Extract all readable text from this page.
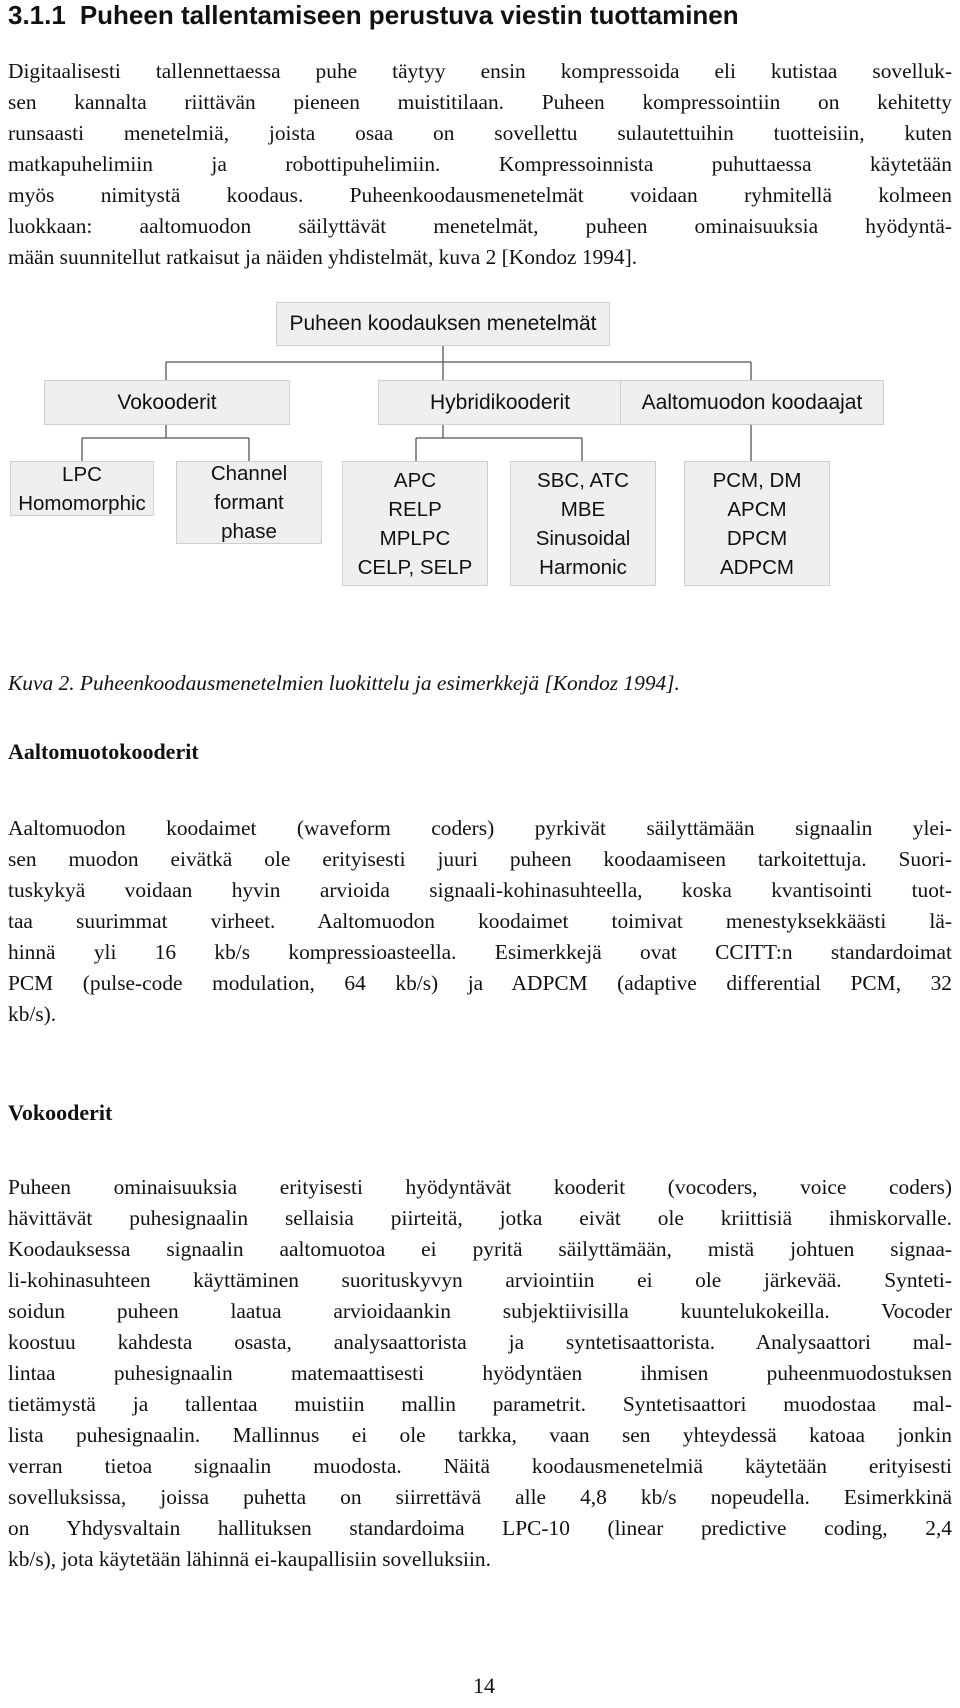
3.1.1 Puheen tallentamiseen perustuva viestin tuottaminen

Digitaalisesti tallennettaessa puhe täytyy ensin kompressoida eli kutistaa sovelluk-
sen kannalta riittävän pieneen muistitilaan. Puheen kompressointiin on kehitetty
runsaasti menetelmiä, joista osaa on sovellettu sulautettuihin tuotteisiin, kuten
matkapuhelimiin ja robottipuhelimiin. Kompressoinnista puhuttaessa käytetään
myös nimitystä koodaus. Puheenkoodausmenetelmät voidaan ryhmitellä kolmeen
luokkaan: aaltomuodon säilyttävät menetelmät, puheen ominaisuuksia hyödyntä-
mään suunnitellut ratkaisut ja näiden yhdistelmät, kuva 2 [Kondoz 1994].

Puheen koodauksen menetelmät
Vokooderit	Hybridikooderit	Aaltomuodon koodaajat
LPC
Homomorphic
Channel
formant
phase
APC
RELP
MPLPC
CELP, SELP
SBC, ATC
MBE
Sinusoidal
Harmonic
PCM, DM
APCM
DPCM
ADPCM
Kuva 2. Puheenkoodausmenetelmien luokittelu ja esimerkkejä [Kondoz 1994].
Aaltomuotokooderit

Aaltomuodon koodaimet (waveform coders) pyrkivät säilyttämään signaalin ylei-
sen muodon eivätkä ole erityisesti juuri puheen koodaamiseen tarkoitettuja. Suori-
tuskykyä voidaan hyvin arvioida signaali-kohinasuhteella, koska kvantisointi tuot-
taa suurimmat virheet. Aaltomuodon koodaimet toimivat menestyksekkäästi lä-
hinnä yli 16 kb/s kompressioasteella. Esimerkkejä ovat CCITT:n standardoimat
PCM (pulse-code modulation, 64 kb/s) ja ADPCM (adaptive differential PCM, 32
kb/s).

Vokooderit

Puheen ominaisuuksia erityisesti hyödyntävät kooderit (vocoders, voice coders)
hävittävät puhesignaalin sellaisia piirteitä, jotka eivät ole kriittisiä ihmiskorvalle.
Koodauksessa signaalin aaltomuotoa ei pyritä säilyttämään, mistä johtuen signaa-
li-kohinasuhteen käyttäminen suorituskyvyn arviointiin ei ole järkevää. Synteti-
soidun puheen laatua arvioidaankin subjektiivisilla kuuntelukokeilla. Vocoder
koostuu kahdesta osasta, analysaattorista ja syntetisaattorista. Analysaattori mal-
lintaa puhesignaalin matemaattisesti hyödyntäen ihmisen puheenmuodostuksen
tietämystä ja tallentaa muistiin mallin parametrit. Syntetisaattori muodostaa mal-
lista puhesignaalin. Mallinnus ei ole tarkka, vaan sen yhteydessä katoaa jonkin
verran tietoa signaalin muodosta. Näitä koodausmenetelmiä käytetään erityisesti
sovelluksissa, joissa puhetta on siirrettävä alle 4,8 kb/s nopeudella. Esimerkkinä
on Yhdysvaltain hallituksen standardoima LPC-10 (linear predictive coding, 2,4
kb/s), jota käytetään lähinnä ei-kaupallisiin sovelluksiin.

14
